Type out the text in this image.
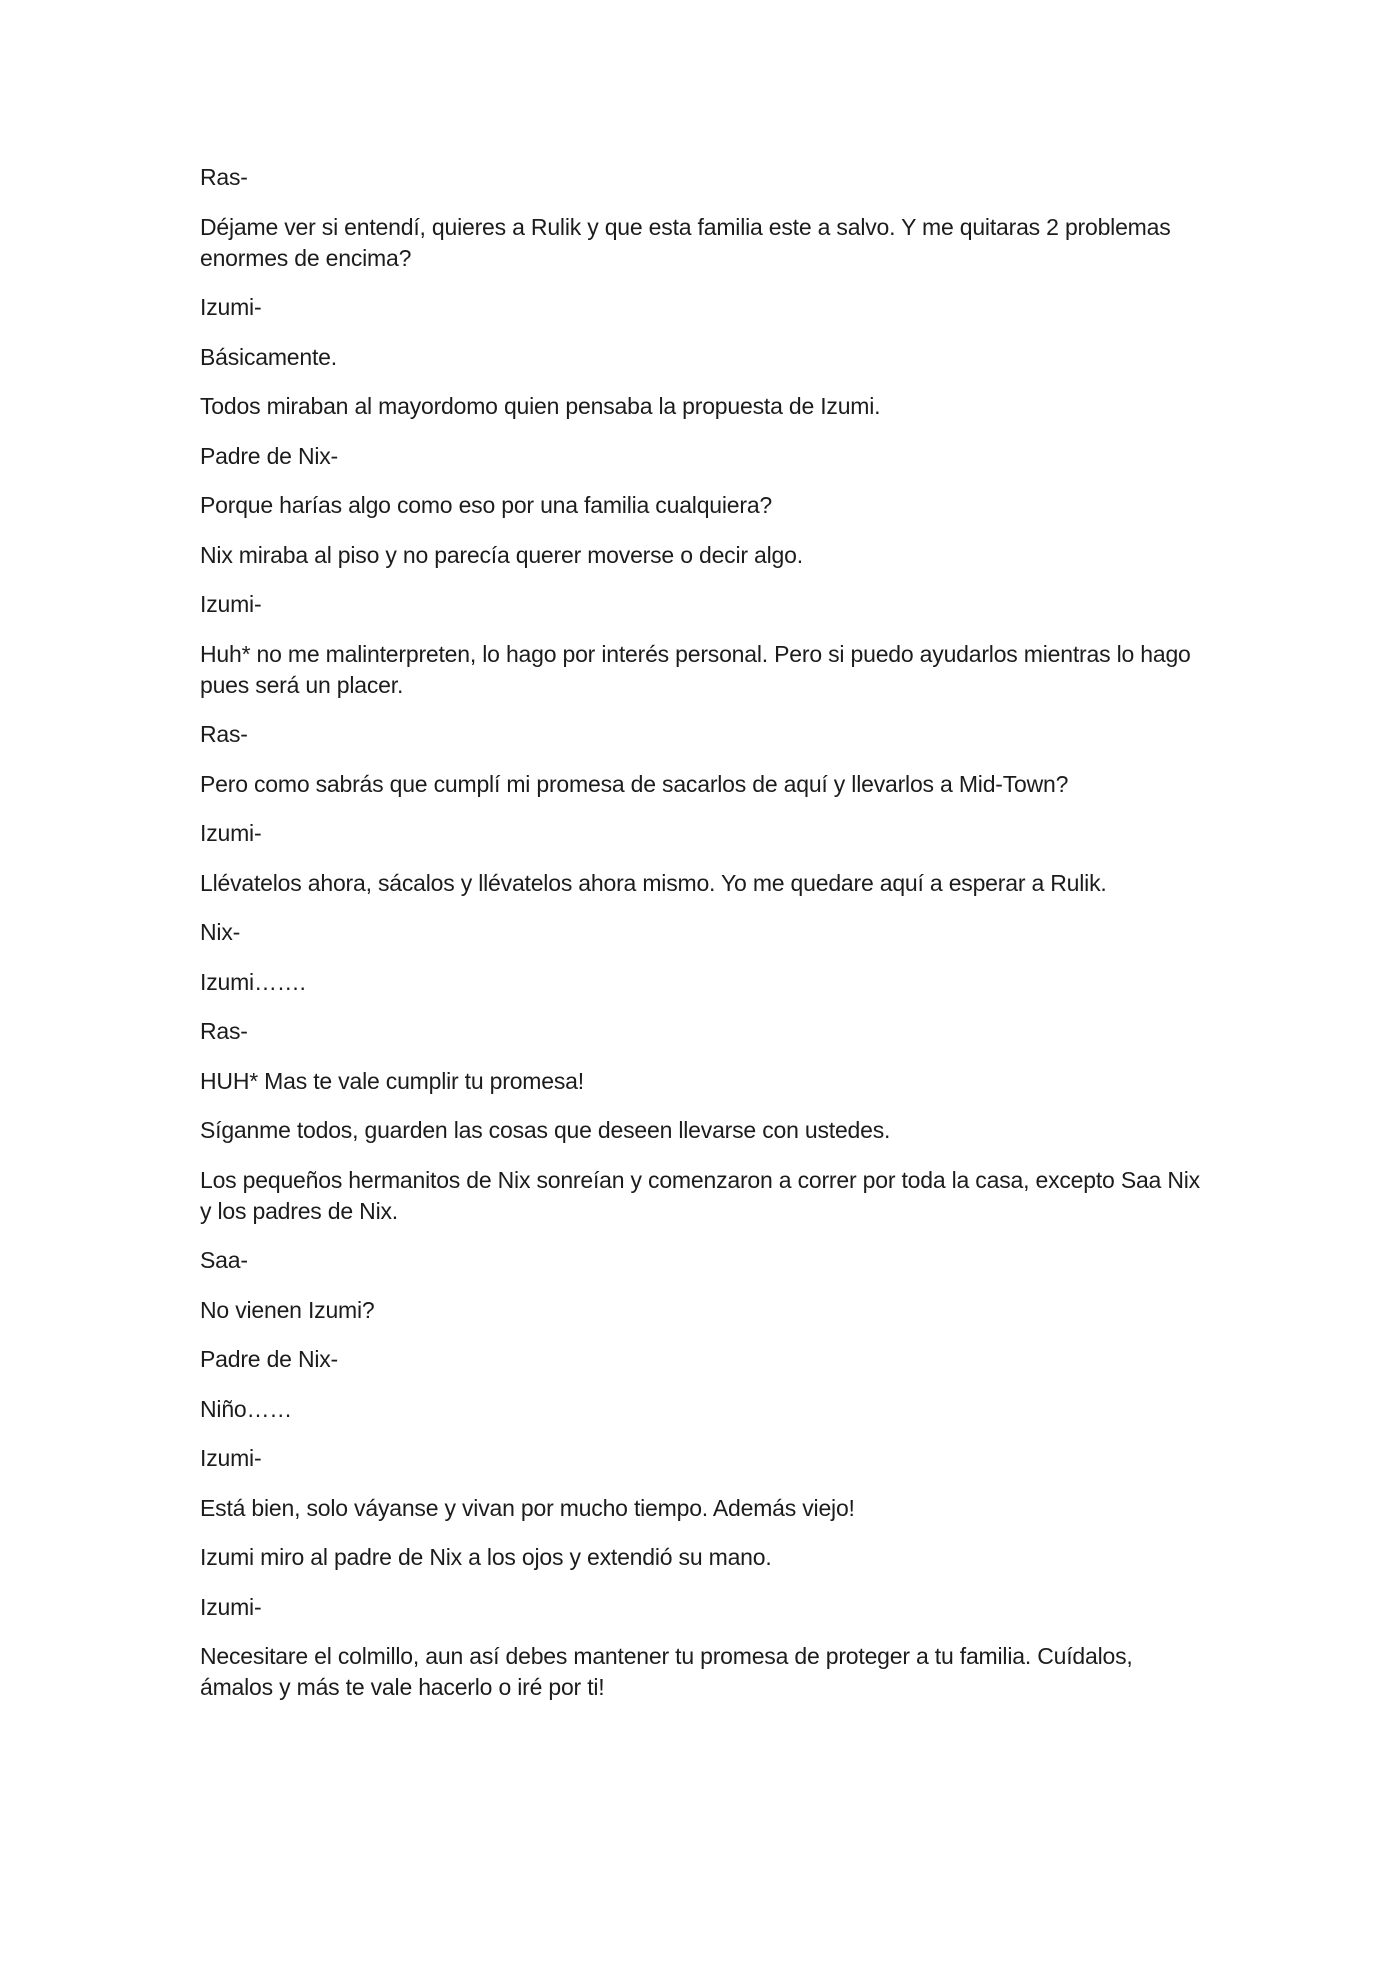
Ras-

Déjame ver si entendí, quieres a Rulik y que esta familia este a salvo. Y me quitaras 2 problemas enormes de encima?

Izumi-

Básicamente.

Todos miraban al mayordomo quien pensaba la propuesta de Izumi.

Padre de Nix-

Porque harías algo como eso por una familia cualquiera?

Nix miraba al piso y no parecía querer moverse o decir algo.

Izumi-

Huh* no me malinterpreten, lo hago por interés personal. Pero si puedo ayudarlos mientras lo hago pues será un placer.

Ras-

Pero como sabrás que cumplí mi promesa de sacarlos de aquí y llevarlos a Mid-Town?

Izumi-

Llévatelos ahora, sácalos y llévatelos ahora mismo. Yo me quedare aquí a esperar a Rulik.

Nix-

Izumi…….

Ras-

HUH* Mas te vale cumplir tu promesa!

Síganme todos, guarden las cosas que deseen llevarse con ustedes.

Los pequeños hermanitos de Nix sonreían y comenzaron a correr por toda la casa, excepto Saa Nix y los padres de Nix.

Saa-

No vienen Izumi?

Padre de Nix-

Niño……

Izumi-

Está bien, solo váyanse y vivan por mucho tiempo. Además viejo!

Izumi miro al padre de Nix a los ojos y extendió su mano.

Izumi-

Necesitare el colmillo, aun así debes mantener tu promesa de proteger a tu familia. Cuídalos, ámalos y más te vale hacerlo o iré por ti!
